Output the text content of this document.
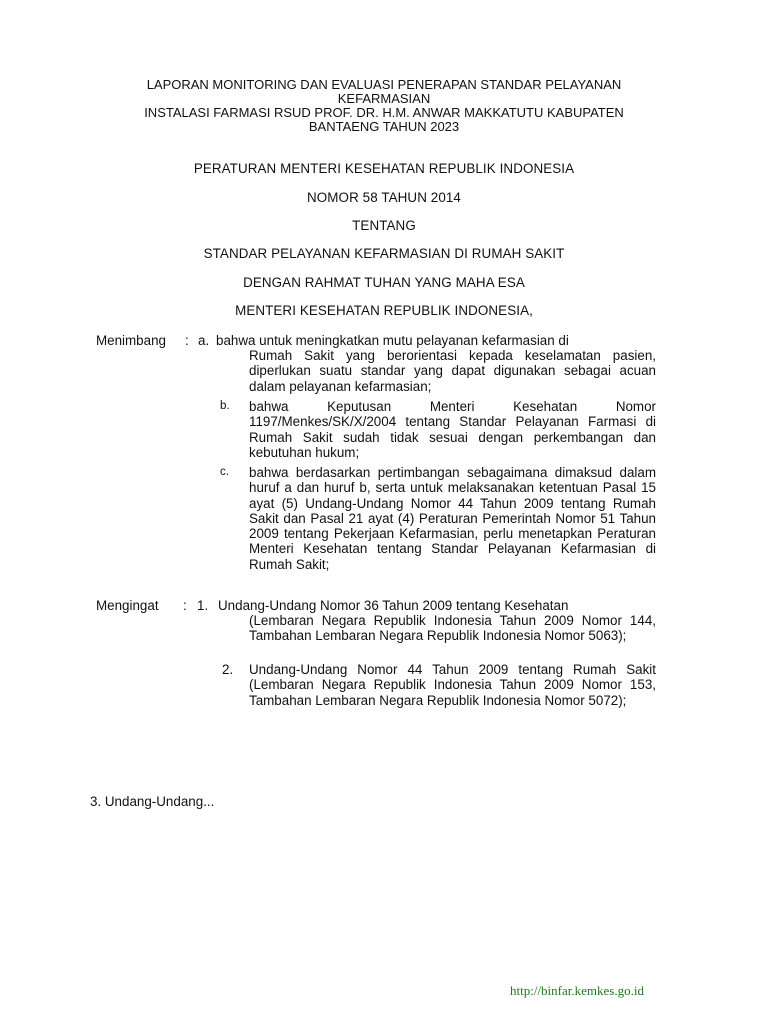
LAPORAN MONITORING DAN EVALUASI PENERAPAN STANDAR PELAYANAN
KEFARMASIAN
INSTALASI FARMASI RSUD PROF. DR. H.M. ANWAR MAKKATUTU KABUPATEN
BANTAENG TAHUN 2023
PERATURAN MENTERI KESEHATAN REPUBLIK INDONESIA
NOMOR 58 TAHUN 2014
TENTANG
STANDAR PELAYANAN KEFARMASIAN DI RUMAH SAKIT
DENGAN RAHMAT TUHAN YANG MAHA ESA
MENTERI KESEHATAN REPUBLIK INDONESIA,
Menimbang : a. bahwa untuk meningkatkan mutu pelayanan kefarmasian di
Rumah Sakit yang berorientasi kepada keselamatan pasien, diperlukan suatu standar yang dapat digunakan sebagai acuan dalam pelayanan kefarmasian;
b. bahwa Keputusan Menteri Kesehatan Nomor 1197/Menkes/SK/X/2004 tentang Standar Pelayanan Farmasi di Rumah Sakit sudah tidak sesuai dengan perkembangan dan kebutuhan hukum;
c. bahwa berdasarkan pertimbangan sebagaimana dimaksud dalam huruf a dan huruf b, serta untuk melaksanakan ketentuan Pasal 15 ayat (5) Undang-Undang Nomor 44 Tahun 2009 tentang Rumah Sakit dan Pasal 21 ayat (4) Peraturan Pemerintah Nomor 51 Tahun 2009 tentang Pekerjaan Kefarmasian, perlu menetapkan Peraturan Menteri Kesehatan tentang Standar Pelayanan Kefarmasian di Rumah Sakit;
Mengingat : 1. Undang-Undang Nomor 36 Tahun 2009 tentang Kesehatan
(Lembaran Negara Republik Indonesia Tahun 2009 Nomor 144, Tambahan Lembaran Negara Republik Indonesia Nomor 5063);
2. Undang-Undang Nomor 44 Tahun 2009 tentang Rumah Sakit (Lembaran Negara Republik Indonesia Tahun 2009 Nomor 153, Tambahan Lembaran Negara Republik Indonesia Nomor 5072);
3. Undang-Undang...
http://binfar.kemkes.go.id
